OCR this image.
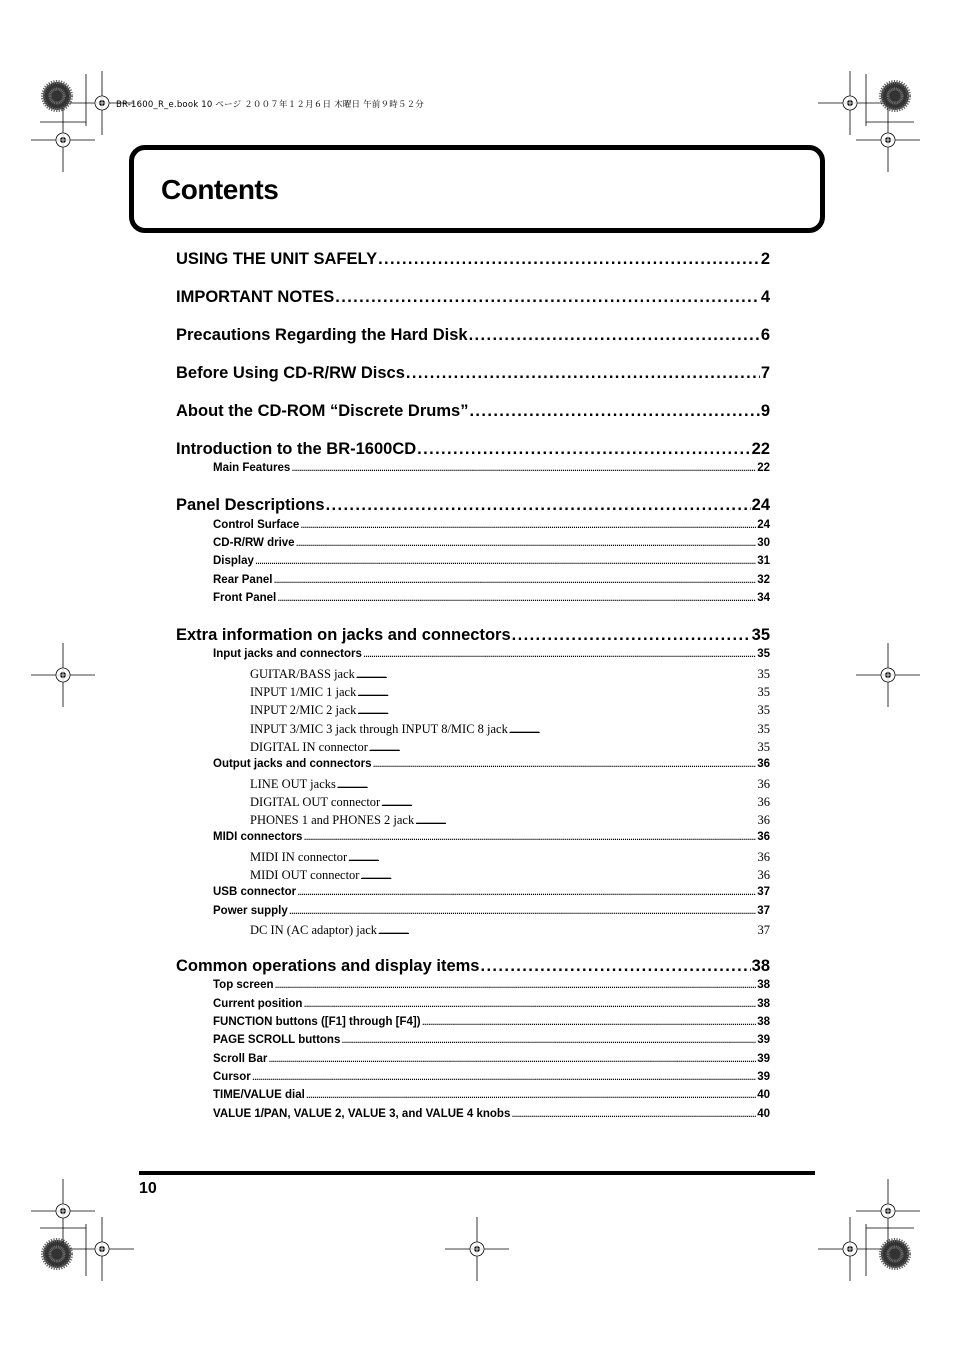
BR-1600_R_e.book 10 ページ ２００７年１２月６日 木曜日 午前９時５２分
Contents
USING THE UNIT SAFELY . . .	2
IMPORTANT NOTES . . .	4
Precautions Regarding the Hard Disk . . .	6
Before Using CD-R/RW Discs . . .	7
About the CD-ROM “Discrete Drums” . . .	9
Introduction to the BR-1600CD . . .	22
Main Features . . .	22
Panel Descriptions . . .	24
Control Surface . . .	24
CD-R/RW drive . . .	30
Display . . .	31
Rear Panel . . .	32
Front Panel . . .	34
Extra information on jacks and connectors . . .	35
Input jacks and connectors . . .	35
GUITAR/BASS jack . . .	35
INPUT 1/MIC 1 jack . . .	35
INPUT 2/MIC 2 jack . . .	35
INPUT 3/MIC 3 jack through INPUT 8/MIC 8 jack . . .	35
DIGITAL IN connector . . .	35
Output jacks and connectors . . .	36
LINE OUT jacks . . .	36
DIGITAL OUT connector . . .	36
PHONES 1 and PHONES 2 jack . . .	36
MIDI connectors . . .	36
MIDI IN connector . . .	36
MIDI OUT connector . . .	36
USB connector . . .	37
Power supply . . .	37
DC IN (AC adaptor) jack . . .	37
Common operations and display items . . .	38
Top screen . . .	38
Current position . . .	38
FUNCTION buttons ([F1] through [F4]) . . .	38
PAGE SCROLL buttons . . .	39
Scroll Bar . . .	39
Cursor . . .	39
TIME/VALUE dial . . .	40
VALUE 1/PAN, VALUE 2, VALUE 3, and VALUE 4 knobs . . .	40
10
